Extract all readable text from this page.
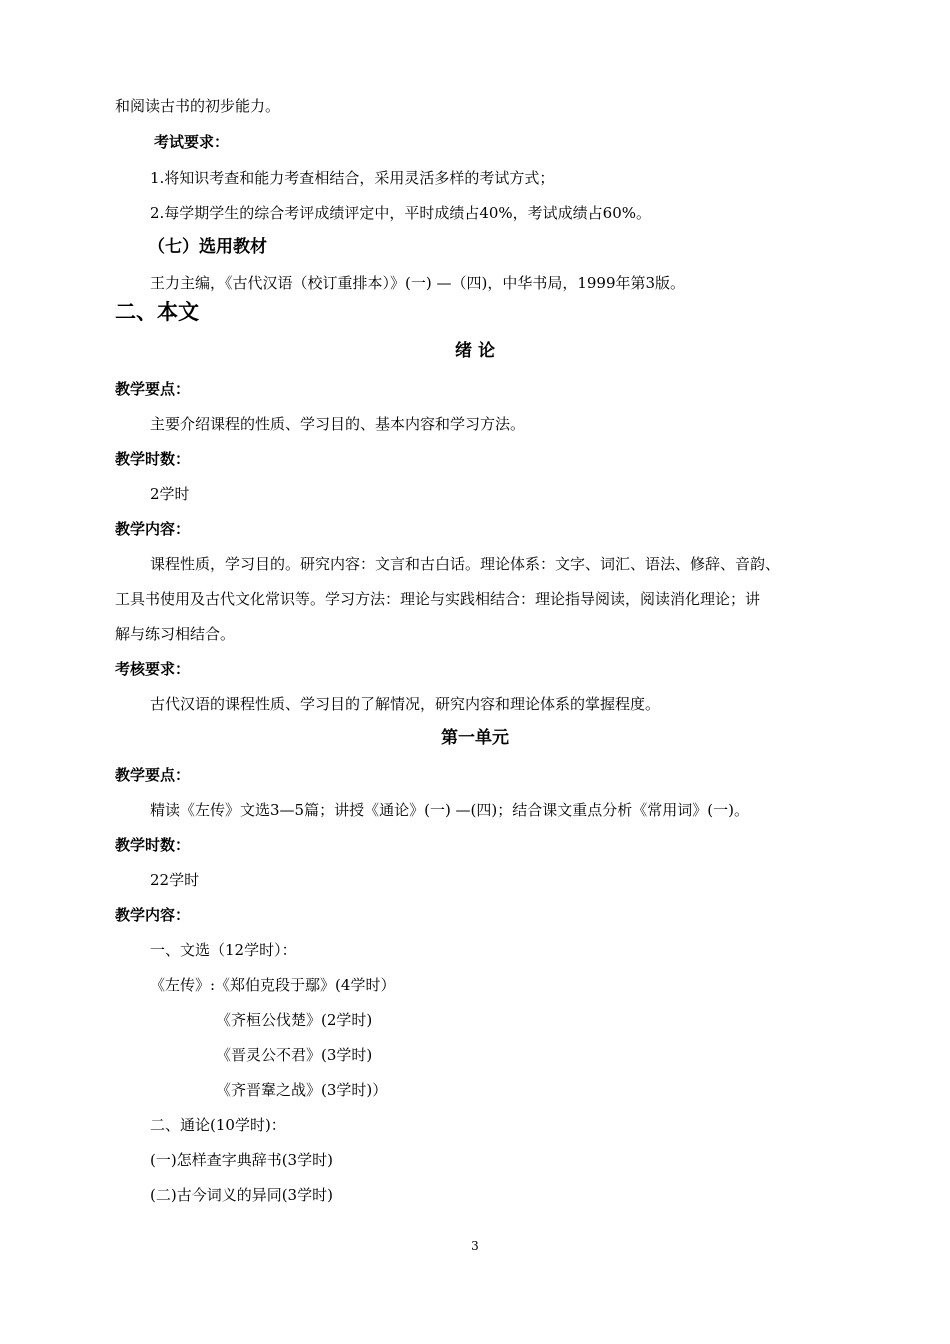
和阅读古书的初步能力。
考试要求：
1.将知识考查和能力考查相结合，采用灵活多样的考试方式；
2.每学期学生的综合考评成绩评定中，平时成绩占40%，考试成绩占60%。
（七）选用教材
王力主编，《古代汉语（校订重排本）》(一) —（四)，中华书局，1999年第3版。
二、本文
绪 论
教学要点：
主要介绍课程的性质、学习目的、基本内容和学习方法。
教学时数：
2学时
教学内容：
课程性质，学习目的。研究内容：文言和古白话。理论体系：文字、词汇、语法、修辞、音韵、
工具书使用及古代文化常识等。学习方法：理论与实践相结合：理论指导阅读，阅读消化理论；讲
解与练习相结合。
考核要求：
古代汉语的课程性质、学习目的了解情况，研究内容和理论体系的掌握程度。
第一单元
教学要点：
精读《左传》文选3—5篇；讲授《通论》(一) —(四)；结合课文重点分析《常用词》(一)。
教学时数：
22学时
教学内容：
一、文选（12学时）：
《左传》:《郑伯克段于鄢》(4学时）
《齐桓公伐楚》(2学时)
《晋灵公不君》(3学时)
《齐晋鞌之战》(3学时)）
二、通论(10学时)：
(一)怎样查字典辞书(3学时)
(二)古今词义的异同(3学时)
3
